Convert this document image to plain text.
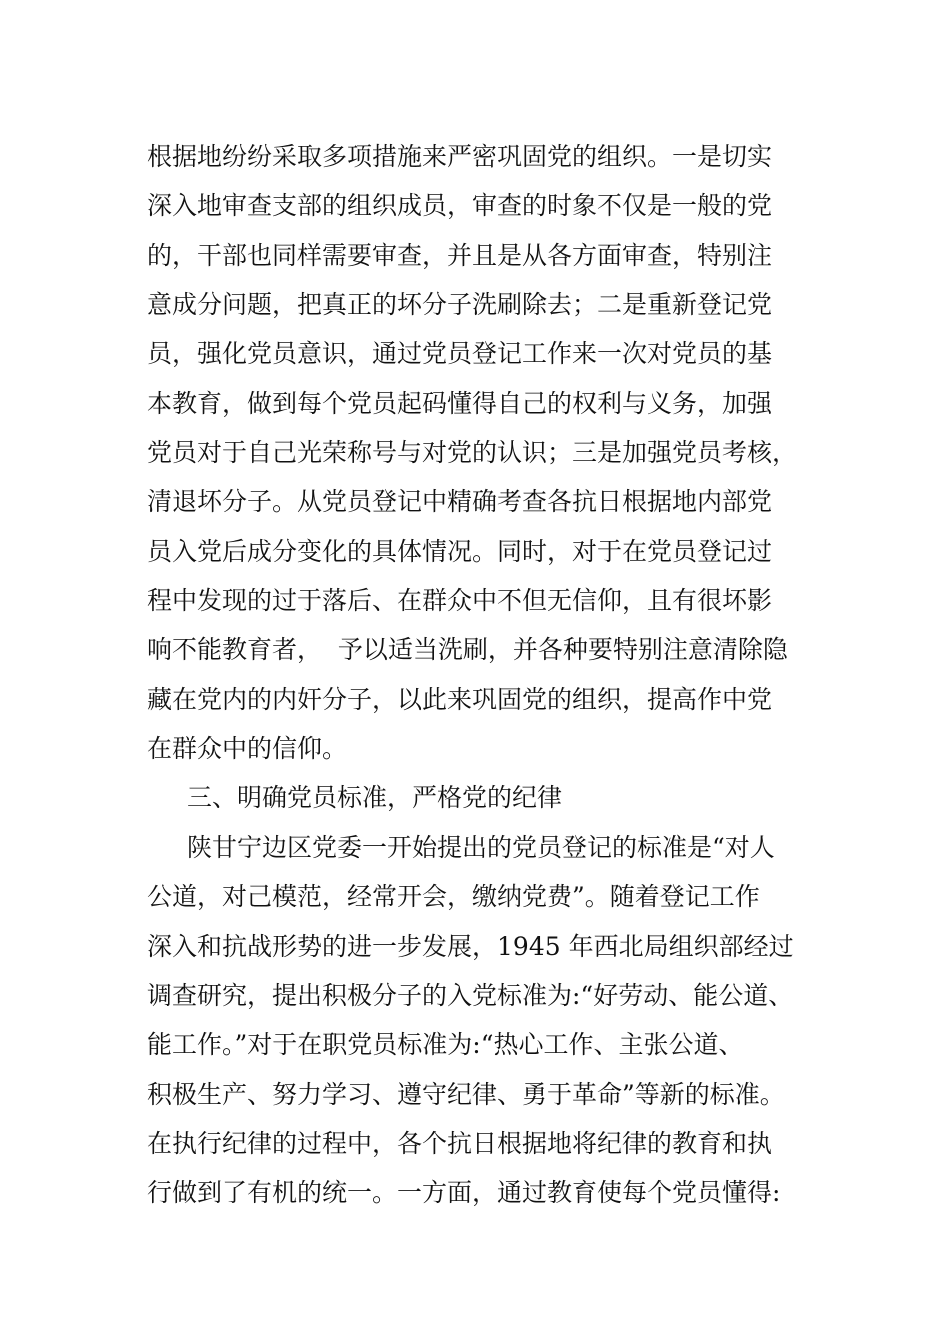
根据地纷纷采取多项措施来严密巩固党的组织。一是切实

深入地审查支部的组织成员，审查的时象不仅是一般的党

的，干部也同样需要审查，并且是从各方面审查，特别注

意成分问题，把真正的坏分子洗刷除去；二是重新登记党

员，强化党员意识，通过党员登记工作来一次对党员的基

本教育，做到每个党员起码懂得自己的权利与义务，加强

党员对于自己光荣称号与对党的认识；三是加强党员考核，

清退坏分子。从党员登记中精确考查各抗日根据地内部党

员入党后成分变化的具体情况。同时，对于在党员登记过

程中发现的过于落后、在群众中不但无信仰，且有很坏影

响不能教育者，  予以适当洗刷，并各种要特别注意清除隐

藏在党内的内奸分子，以此来巩固党的组织，提高作中党

在群众中的信仰。

三、明确党员标准，严格党的纪律

陕甘宁边区党委一开始提出的党员登记的标准是“对人

公道，对己模范，经常开会，缴纳党费”。随着登记工作

深入和抗战形势的进一步发展，1945 年西北局组织部经过

调查研究，提出积极分子的入党标准为:“好劳动、能公道、

能工作。”对于在职党员标准为:“热心工作、主张公道、

积极生产、努力学习、遵守纪律、勇于革命”等新的标准。

在执行纪律的过程中，各个抗日根据地将纪律的教育和执

行做到了有机的统一。一方面，通过教育使每个党员懂得:
